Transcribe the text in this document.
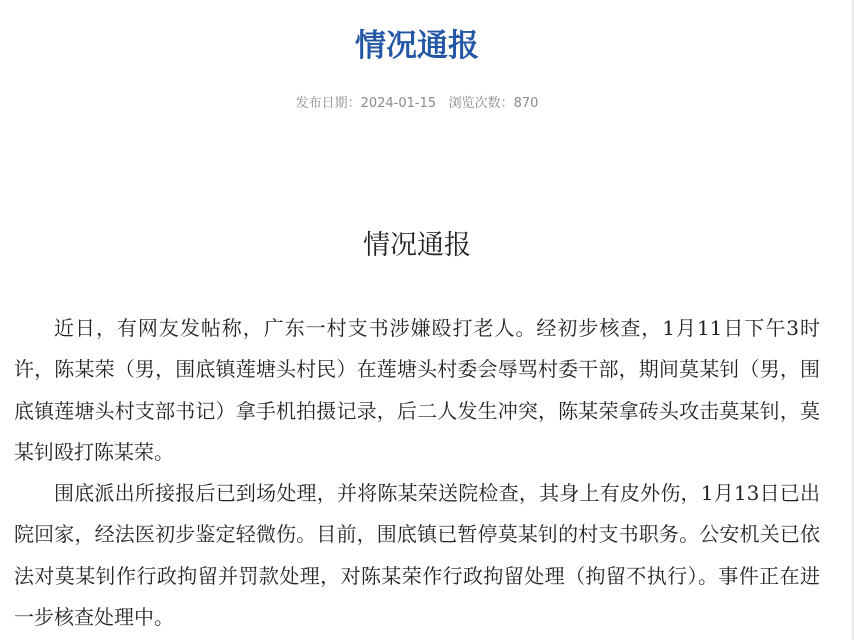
情况通报
发布日期：2024-01-15 浏览次数：870
情况通报

近日，有网友发帖称，广东一村支书涉嫌殴打老人。经初步核查，1月11日下午3时许，陈某荣（男，围底镇莲塘头村民）在莲塘头村委会辱骂村委干部，期间莫某钊（男，围底镇莲塘头村支部书记）拿手机拍摄记录，后二人发生冲突，陈某荣拿砖头攻击莫某钊，莫某钊殴打陈某荣。

围底派出所接报后已到场处理，并将陈某荣送院检查，其身上有皮外伤，1月13日已出院回家，经法医初步鉴定轻微伤。目前，围底镇已暂停莫某钊的村支书职务。公安机关已依法对莫某钊作行政拘留并罚款处理，对陈某荣作行政拘留处理（拘留不执行）。事件正在进一步核查处理中。
